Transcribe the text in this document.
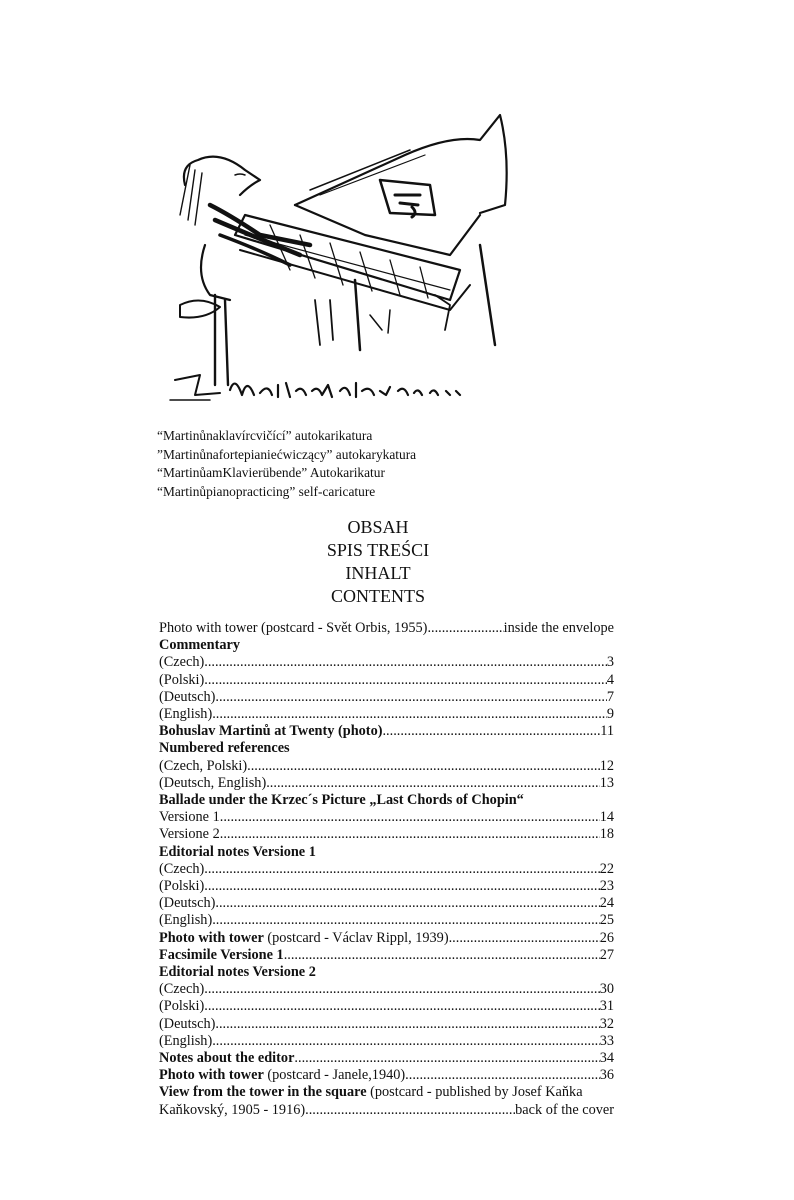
“Martinůnaklavírcvičící” autokarikatura
”Martinůnafortepianiećwiczący” autokarykatura
“MartinůamKlavierübende” Autokarikatur
“Martinůpianopracticing” self-caricature
OBSAH
SPIS TREŚCI
INHALT
CONTENTS
Photo with tower (postcard - Svět Orbis, 1955) .....	inside the envelope
Commentary
(Czech) .....	3
(Polski) .....	4
(Deutsch) .....	7
(English) .....	9
Bohuslav Martinů at Twenty (photo) .....	11
Numbered references
(Czech, Polski) .....	12
(Deutsch, English) .....	13
Ballade under the Krzec´s Picture „Last Chords of Chopin“
Versione 1 .....	14
Versione 2 .....	18
Editorial notes Versione 1
(Czech) .....	22
(Polski) .....	23
(Deutsch) .....	24
(English) .....	25
Photo with tower (postcard - Václav Rippl, 1939) .....	26
Facsimile Versione 1 .....	27
Editorial notes Versione 2
(Czech) .....	30
(Polski) .....	31
(Deutsch) .....	32
(English) .....	33
Notes about the editor .....	34
Photo with tower (postcard - Janele,1940) .....	36
View from the tower in the square (postcard - published by Josef Kaňka
Kaňkovský, 1905 - 1916) .....	back of the cover
